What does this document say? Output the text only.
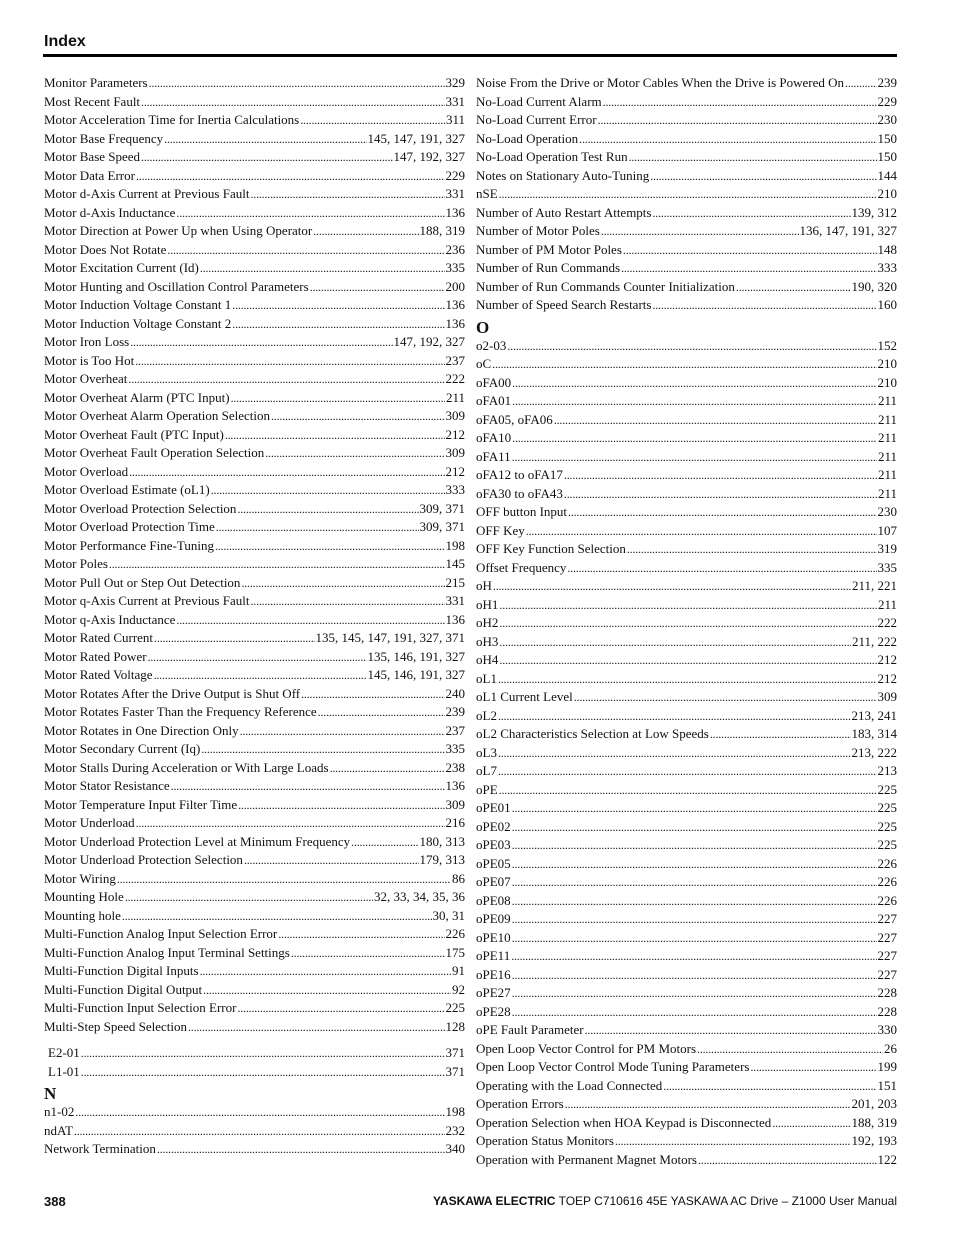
Index
Monitor Parameters . . .	329
Most Recent Fault . . .	331
Motor Acceleration Time for Inertia Calculations . . .	311
Motor Base Frequency . . .	145, 147, 191, 327
Motor Base Speed . . .	147, 192, 327
Motor Data Error . . .	229
Motor d-Axis Current at Previous Fault . . .	331
Motor d-Axis Inductance . . .	136
Motor Direction at Power Up when Using Operator . . .	188, 319
Motor Does Not Rotate . . .	236
Motor Excitation Current (Id) . . .	335
Motor Hunting and Oscillation Control Parameters . . .	200
Motor Induction Voltage Constant 1 . . .	136
Motor Induction Voltage Constant 2 . . .	136
Motor Iron Loss . . .	147, 192, 327
Motor is Too Hot . . .	237
Motor Overheat . . .	222
Motor Overheat Alarm (PTC Input) . . .	211
Motor Overheat Alarm Operation Selection . . .	309
Motor Overheat Fault (PTC Input) . . .	212
Motor Overheat Fault Operation Selection . . .	309
Motor Overload . . .	212
Motor Overload Estimate (oL1) . . .	333
Motor Overload Protection Selection . . .	309, 371
Motor Overload Protection Time . . .	309, 371
Motor Performance Fine-Tuning . . .	198
Motor Poles . . .	145
Motor Pull Out or Step Out Detection . . .	215
Motor q-Axis Current at Previous Fault . . .	331
Motor q-Axis Inductance . . .	136
Motor Rated Current . . .	135, 145, 147, 191, 327, 371
Motor Rated Power . . .	135, 146, 191, 327
Motor Rated Voltage . . .	145, 146, 191, 327
Motor Rotates After the Drive Output is Shut Off . . .	240
Motor Rotates Faster Than the Frequency Reference . . .	239
Motor Rotates in One Direction Only . . .	237
Motor Secondary Current (Iq) . . .	335
Motor Stalls During Acceleration or With Large Loads . . .	238
Motor Stator Resistance . . .	136
Motor Temperature Input Filter Time . . .	309
Motor Underload . . .	216
Motor Underload Protection Level at Minimum Frequency . . .	180, 313
Motor Underload Protection Selection . . .	179, 313
Motor Wiring . . .	86
Mounting Hole . . .	32, 33, 34, 35, 36
Mounting hole . . .	30, 31
Multi-Function Analog Input Selection Error . . .	226
Multi-Function Analog Input Terminal Settings . . .	175
Multi-Function Digital Inputs . . .	91
Multi-Function Digital Output . . .	92
Multi-Function Input Selection Error . . .	225
Multi-Step Speed Selection . . .	128
E2-01 . . .	371
L1-01 . . .	371
N
n1-02 . . .	198
ndAT . . .	232
Network Termination . . .	340
Noise From the Drive or Motor Cables When the Drive is Powered On . . .	239
No-Load Current Alarm . . .	229
No-Load Current Error . . .	230
No-Load Operation . . .	150
No-Load Operation Test Run . . .	150
Notes on Stationary Auto-Tuning . . .	144
nSE . . .	210
Number of Auto Restart Attempts . . .	139, 312
Number of Motor Poles . . .	136, 147, 191, 327
Number of PM Motor Poles . . .	148
Number of Run Commands . . .	333
Number of Run Commands Counter Initialization . . .	190, 320
Number of Speed Search Restarts . . .	160
O
o2-03 . . .	152
oC . . .	210
oFA00 . . .	210
oFA01 . . .	211
oFA05, oFA06 . . .	211
oFA10 . . .	211
oFA11 . . .	211
oFA12 to oFA17 . . .	211
oFA30 to oFA43 . . .	211
OFF button Input . . .	230
OFF Key . . .	107
OFF Key Function Selection . . .	319
Offset Frequency . . .	335
oH . . .	211, 221
oH1 . . .	211
oH2 . . .	222
oH3 . . .	211, 222
oH4 . . .	212
oL1 . . .	212
oL1 Current Level . . .	309
oL2 . . .	213, 241
oL2 Characteristics Selection at Low Speeds . . .	183, 314
oL3 . . .	213, 222
oL7 . . .	213
oPE . . .	225
oPE01 . . .	225
oPE02 . . .	225
oPE03 . . .	225
oPE05 . . .	226
oPE07 . . .	226
oPE08 . . .	226
oPE09 . . .	227
oPE10 . . .	227
oPE11 . . .	227
oPE16 . . .	227
oPE27 . . .	228
oPE28 . . .	228
oPE Fault Parameter . . .	330
Open Loop Vector Control for PM Motors . . .	26
Open Loop Vector Control Mode Tuning Parameters . . .	199
Operating with the Load Connected . . .	151
Operation Errors . . .	201, 203
Operation Selection when HOA Keypad is Disconnected . . .	188, 319
Operation Status Monitors . . .	192, 193
Operation with Permanent Magnet Motors . . .	122
388	YASKAWA ELECTRIC TOEP C710616 45E YASKAWA AC Drive – Z1000 User Manual
